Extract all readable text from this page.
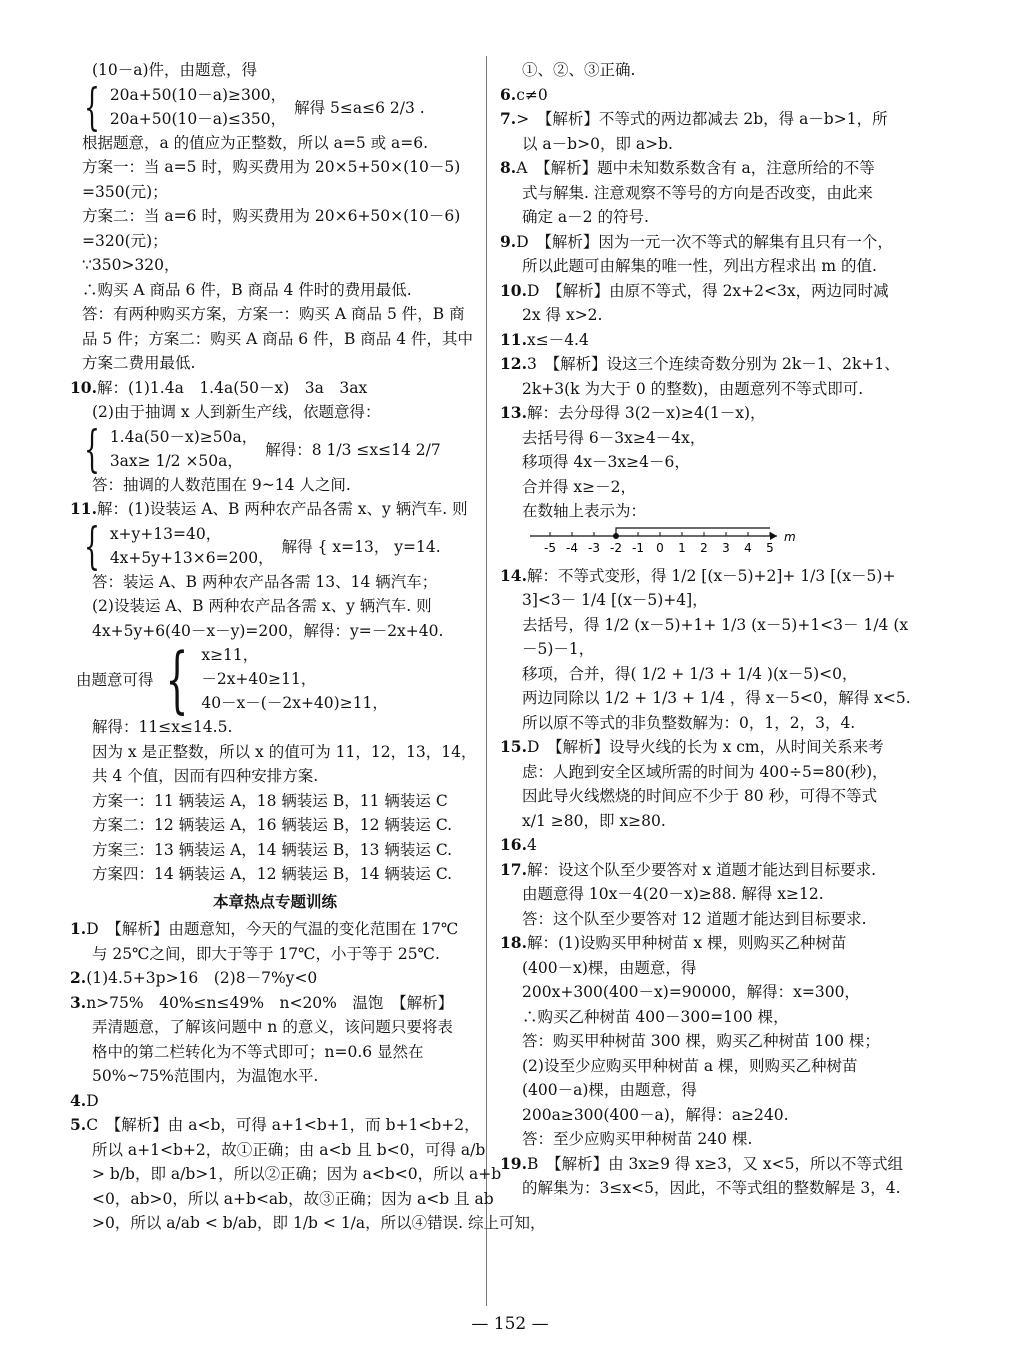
(10－a)件，由题意，得
{ 20a+50(10－a)≥300，
20a+50(10－a)≤350，
解得 5≤a≤6 2/3 .
根据题意，a 的值应为正整数，所以 a=5 或 a=6.
方案一：当 a=5 时，购买费用为 20×5+50×(10－5)
=350(元)；
方案二：当 a=6 时，购买费用为 20×6+50×(10－6)
=320(元)；
∵350>320，
∴购买 A 商品 6 件，B 商品 4 件时的费用最低.
答：有两种购买方案，方案一：购买 A 商品 5 件，B 商
品 5 件；方案二：购买 A 商品 6 件，B 商品 4 件，其中
方案二费用最低.
10.解：(1)1.4a　1.4a(50－x)　3a　3ax
(2)由于抽调 x 人到新生产线，依题意得：
{ 1.4a(50－x)≥50a，
3ax≥ 1/2 ×50a，
解得：8 1/3 ≤x≤14 2/7
答：抽调的人数范围在 9~14 人之间.
11.解：(1)设装运 A、B 两种农产品各需 x、y 辆汽车. 则
{ x+y+13=40，
4x+5y+13×6=200，
解得 { x=13， y=14.
答：装运 A、B 两种农产品各需 13、14 辆汽车；
(2)设装运 A、B 两种农产品各需 x、y 辆汽车. 则
4x+5y+6(40－x－y)=200，解得：y=－2x+40.
由题意可得 { x≥11，
－2x+40≥11，
40－x－(－2x+40)≥11，
解得：11≤x≤14.5.
因为 x 是正整数，所以 x 的值可为 11，12，13，14，
共 4 个值，因而有四种安排方案.
方案一：11 辆装运 A，18 辆装运 B，11 辆装运 C
方案二：12 辆装运 A，16 辆装运 B，12 辆装运 C.
方案三：13 辆装运 A，14 辆装运 B，13 辆装运 C.
方案四：14 辆装运 A，12 辆装运 B，14 辆装运 C.
本章热点专题训练
1.D　【解析】由题意知，今天的气温的变化范围在 17℃
与 25℃之间，即大于等于 17℃，小于等于 25℃.
2.(1)4.5+3p>16　(2)8－7%y<0
3.n>75%　40%≤n≤49%　n<20%　温饱　【解析】
弄清题意，了解该问题中 n 的意义，该问题只要将表
格中的第二栏转化为不等式即可；n=0.6 显然在
50%~75%范围内，为温饱水平.
4.D
5.C　【解析】由 a<b，可得 a+1<b+1，而 b+1<b+2，
所以 a+1<b+2，故①正确；由 a<b 且 b<0，可得 a/b
> b/b，即 a/b>1，所以②正确；因为 a<b<0，所以 a+b
<0，ab>0，所以 a+b<ab，故③正确；因为 a<b 且 ab
>0，所以 a/ab < b/ab，即 1/b < 1/a，所以④错误. 综上可知，
①、②、③正确.
6.c≠0
7.>　【解析】不等式的两边都减去 2b，得 a－b>1，所
以 a－b>0，即 a>b.
8.A　【解析】题中未知数系数含有 a，注意所给的不等
式与解集. 注意观察不等号的方向是否改变，由此来
确定 a－2 的符号.
9.D　【解析】因为一元一次不等式的解集有且只有一个，
所以此题可由解集的唯一性，列出方程求出 m 的值.
10.D　【解析】由原不等式，得 2x+2<3x，两边同时减
2x 得 x>2.
11.x≤－4.4
12.3　【解析】设这三个连续奇数分别为 2k－1、2k+1、
2k+3(k 为大于 0 的整数)，由题意列不等式即可.
13.解：去分母得 3(2－x)≥4(1－x)，
去括号得 6－3x≥4－4x，
移项得 4x－3x≥4－6，
合并得 x≥－2，
在数轴上表示为：
-5 -4 -3 -2 -1 0 1 2 3 4 5
m
14.解：不等式变形，得 1/2 [(x－5)+2]+ 1/3 [(x－5)+
3]<3－ 1/4 [(x－5)+4]，
去括号，得 1/2 (x－5)+1+ 1/3 (x－5)+1<3－ 1/4 (x
－5)－1，
移项，合并，得( 1/2 + 1/3 + 1/4 )(x－5)<0，
两边同除以 1/2 + 1/3 + 1/4 ，得 x－5<0，解得 x<5.
所以原不等式的非负整数解为：0，1，2，3，4.
15.D　【解析】设导火线的长为 x cm，从时间关系来考
虑：人跑到安全区域所需的时间为 400÷5=80(秒)，
因此导火线燃烧的时间应不少于 80 秒，可得不等式
x/1 ≥80，即 x≥80.
16.4
17.解：设这个队至少要答对 x 道题才能达到目标要求.
由题意得 10x－4(20－x)≥88. 解得 x≥12.
答：这个队至少要答对 12 道题才能达到目标要求.
18.解：(1)设购买甲种树苗 x 棵，则购买乙种树苗
(400－x)棵，由题意，得
200x+300(400－x)=90000，解得：x=300，
∴购买乙种树苗 400－300=100 棵，
答：购买甲种树苗 300 棵，购买乙种树苗 100 棵；
(2)设至少应购买甲种树苗 a 棵，则购买乙种树苗
(400－a)棵，由题意，得
200a≥300(400－a)，解得：a≥240.
答：至少应购买甲种树苗 240 棵.
19.B　【解析】由 3x≥9 得 x≥3，又 x<5，所以不等式组
的解集为：3≤x<5，因此，不等式组的整数解是 3，4.
— 152 —
